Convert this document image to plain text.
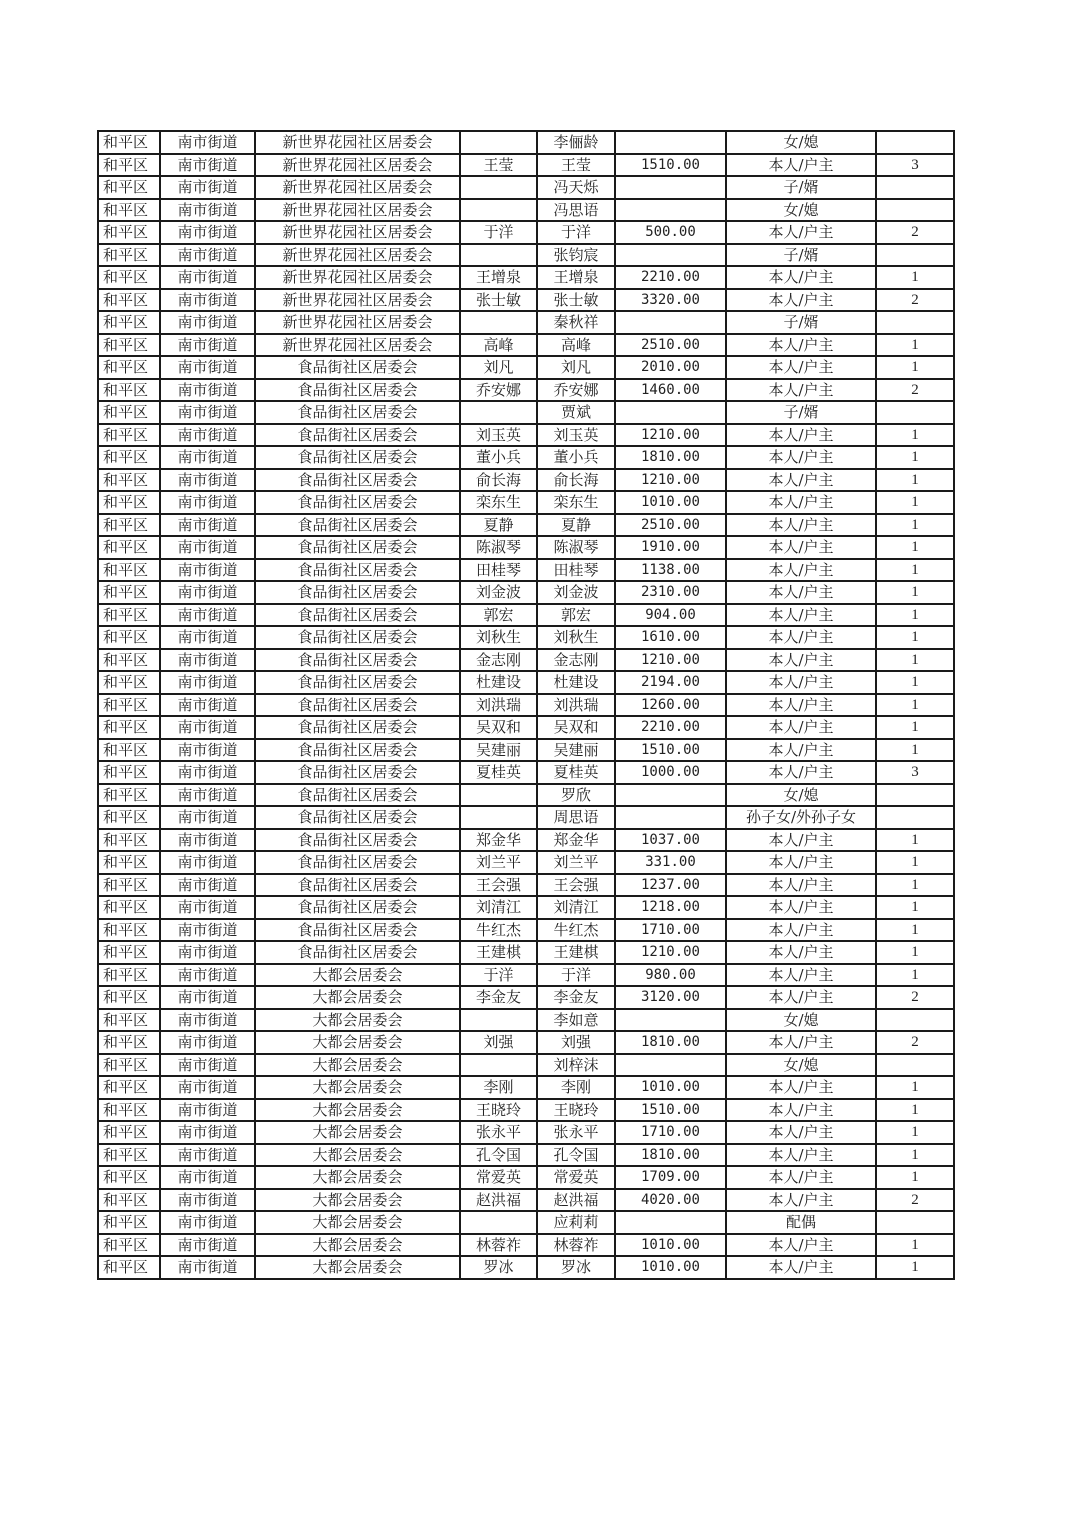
和平区	南市街道	新世界花园社区居委会		李俪龄		女/媳	
和平区	南市街道	新世界花园社区居委会	王莹	王莹	1510.00	本人/户主	3
和平区	南市街道	新世界花园社区居委会		冯天烁		子/婿	
和平区	南市街道	新世界花园社区居委会		冯思语		女/媳	
和平区	南市街道	新世界花园社区居委会	于洋	于洋	500.00	本人/户主	2
和平区	南市街道	新世界花园社区居委会		张钧宸		子/婿	
和平区	南市街道	新世界花园社区居委会	王增泉	王增泉	2210.00	本人/户主	1
和平区	南市街道	新世界花园社区居委会	张士敏	张士敏	3320.00	本人/户主	2
和平区	南市街道	新世界花园社区居委会		秦秋祥		子/婿	
和平区	南市街道	新世界花园社区居委会	高峰	高峰	2510.00	本人/户主	1
和平区	南市街道	食品街社区居委会	刘凡	刘凡	2010.00	本人/户主	1
和平区	南市街道	食品街社区居委会	乔安娜	乔安娜	1460.00	本人/户主	2
和平区	南市街道	食品街社区居委会		贾斌		子/婿	
和平区	南市街道	食品街社区居委会	刘玉英	刘玉英	1210.00	本人/户主	1
和平区	南市街道	食品街社区居委会	董小兵	董小兵	1810.00	本人/户主	1
和平区	南市街道	食品街社区居委会	俞长海	俞长海	1210.00	本人/户主	1
和平区	南市街道	食品街社区居委会	栾东生	栾东生	1010.00	本人/户主	1
和平区	南市街道	食品街社区居委会	夏静	夏静	2510.00	本人/户主	1
和平区	南市街道	食品街社区居委会	陈淑琴	陈淑琴	1910.00	本人/户主	1
和平区	南市街道	食品街社区居委会	田桂琴	田桂琴	1138.00	本人/户主	1
和平区	南市街道	食品街社区居委会	刘金波	刘金波	2310.00	本人/户主	1
和平区	南市街道	食品街社区居委会	郭宏	郭宏	904.00	本人/户主	1
和平区	南市街道	食品街社区居委会	刘秋生	刘秋生	1610.00	本人/户主	1
和平区	南市街道	食品街社区居委会	金志刚	金志刚	1210.00	本人/户主	1
和平区	南市街道	食品街社区居委会	杜建设	杜建设	2194.00	本人/户主	1
和平区	南市街道	食品街社区居委会	刘洪瑞	刘洪瑞	1260.00	本人/户主	1
和平区	南市街道	食品街社区居委会	吴双和	吴双和	2210.00	本人/户主	1
和平区	南市街道	食品街社区居委会	吴建丽	吴建丽	1510.00	本人/户主	1
和平区	南市街道	食品街社区居委会	夏桂英	夏桂英	1000.00	本人/户主	3
和平区	南市街道	食品街社区居委会		罗欣		女/媳	
和平区	南市街道	食品街社区居委会		周思语		孙子女/外孙子女	
和平区	南市街道	食品街社区居委会	郑金华	郑金华	1037.00	本人/户主	1
和平区	南市街道	食品街社区居委会	刘兰平	刘兰平	331.00	本人/户主	1
和平区	南市街道	食品街社区居委会	王会强	王会强	1237.00	本人/户主	1
和平区	南市街道	食品街社区居委会	刘清江	刘清江	1218.00	本人/户主	1
和平区	南市街道	食品街社区居委会	牛红杰	牛红杰	1710.00	本人/户主	1
和平区	南市街道	食品街社区居委会	王建棋	王建棋	1210.00	本人/户主	1
和平区	南市街道	大都会居委会	于洋	于洋	980.00	本人/户主	1
和平区	南市街道	大都会居委会	李金友	李金友	3120.00	本人/户主	2
和平区	南市街道	大都会居委会		李如意		女/媳	
和平区	南市街道	大都会居委会	刘强	刘强	1810.00	本人/户主	2
和平区	南市街道	大都会居委会		刘梓沫		女/媳	
和平区	南市街道	大都会居委会	李刚	李刚	1010.00	本人/户主	1
和平区	南市街道	大都会居委会	王晓玲	王晓玲	1510.00	本人/户主	1
和平区	南市街道	大都会居委会	张永平	张永平	1710.00	本人/户主	1
和平区	南市街道	大都会居委会	孔令国	孔令国	1810.00	本人/户主	1
和平区	南市街道	大都会居委会	常爱英	常爱英	1709.00	本人/户主	1
和平区	南市街道	大都会居委会	赵洪福	赵洪福	4020.00	本人/户主	2
和平区	南市街道	大都会居委会		应莉莉		配偶	
和平区	南市街道	大都会居委会	林蓉祚	林蓉祚	1010.00	本人/户主	1
和平区	南市街道	大都会居委会	罗冰	罗冰	1010.00	本人/户主	1
